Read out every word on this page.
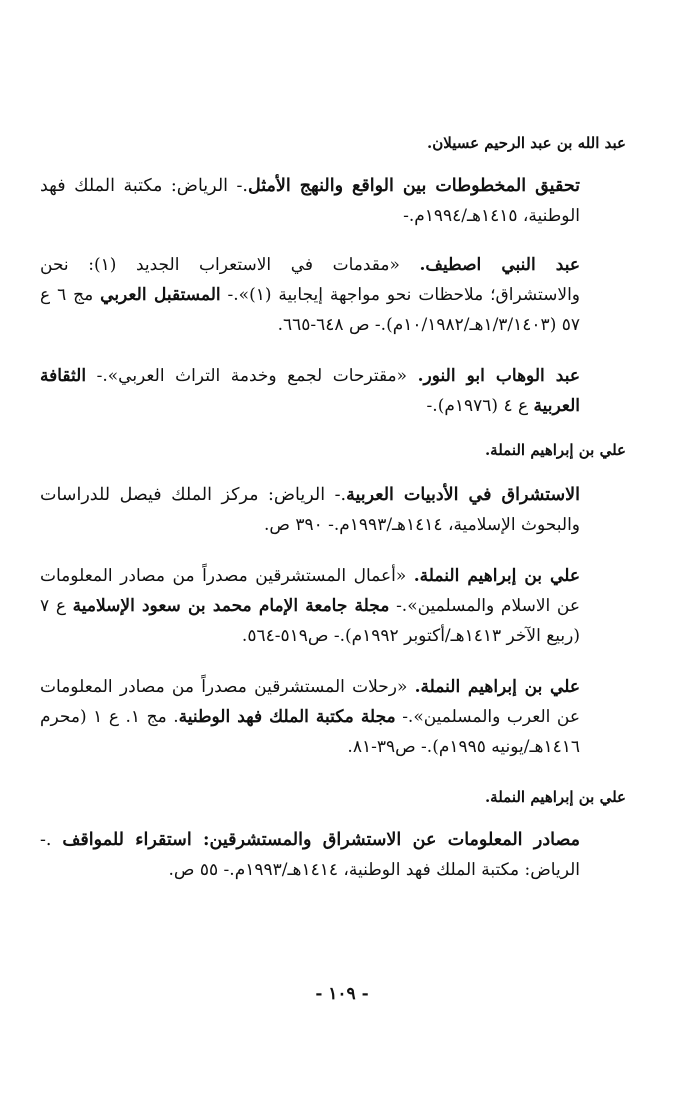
عبد الله بن عبد الرحيم عسيلان.
تحقيق المخطوطات بين الواقع والنهج الأمثل.- الرياض: مكتبة الملك فهد
الوطنية، ١٤١٥هـ/١٩٩٤م.-
عبد النبي اصطيف. «مقدمات في الاستعراب الجديد (١): نحن
والاستشراق؛ ملاحظات نحو مواجهة إيجابية (١)».- المستقبل العربي مج ٦ ع
٥٧ (١/٣/١٤٠٣هـ/١٠/١٩٨٢م).- ص ٦٤٨-٦٦٥.
عبد الوهاب ابو النور. «مقترحات لجمع وخدمة التراث العربي».- الثقافة
العربية ع ٤ (١٩٧٦م).-
علي بن إبراهيم النملة.
الاستشراق في الأدبيات العربية.- الرياض: مركز الملك فيصل للدراسات
والبحوث الإسلامية، ١٤١٤هـ/١٩٩٣م.- ٣٩٠ ص.
علي بن إبراهيم النملة. «أعمال المستشرقين مصدراً من مصادر المعلومات
عن الاسلام والمسلمين».- مجلة جامعة الإمام محمد بن سعود الإسلامية ع ٧
(ربيع الآخر ١٤١٣هـ/أكتوبر ١٩٩٢م).- ص٥١٩-٥٦٤.
علي بن إبراهيم النملة. «رحلات المستشرقين مصدراً من مصادر المعلومات
عن العرب والمسلمين».- مجلة مكتبة الملك فهد الوطنية. مج ١. ع ١ (محرم
١٤١٦هـ/يونيه ١٩٩٥م).- ص٣٩-٨١.
علي بن إبراهيم النملة.
مصادر المعلومات عن الاستشراق والمستشرقين: استقراء للمواقف .-
الرياض: مكتبة الملك فهد الوطنية، ١٤١٤هـ/١٩٩٣م.- ٥٥ ص.
- ١٠٩ -
